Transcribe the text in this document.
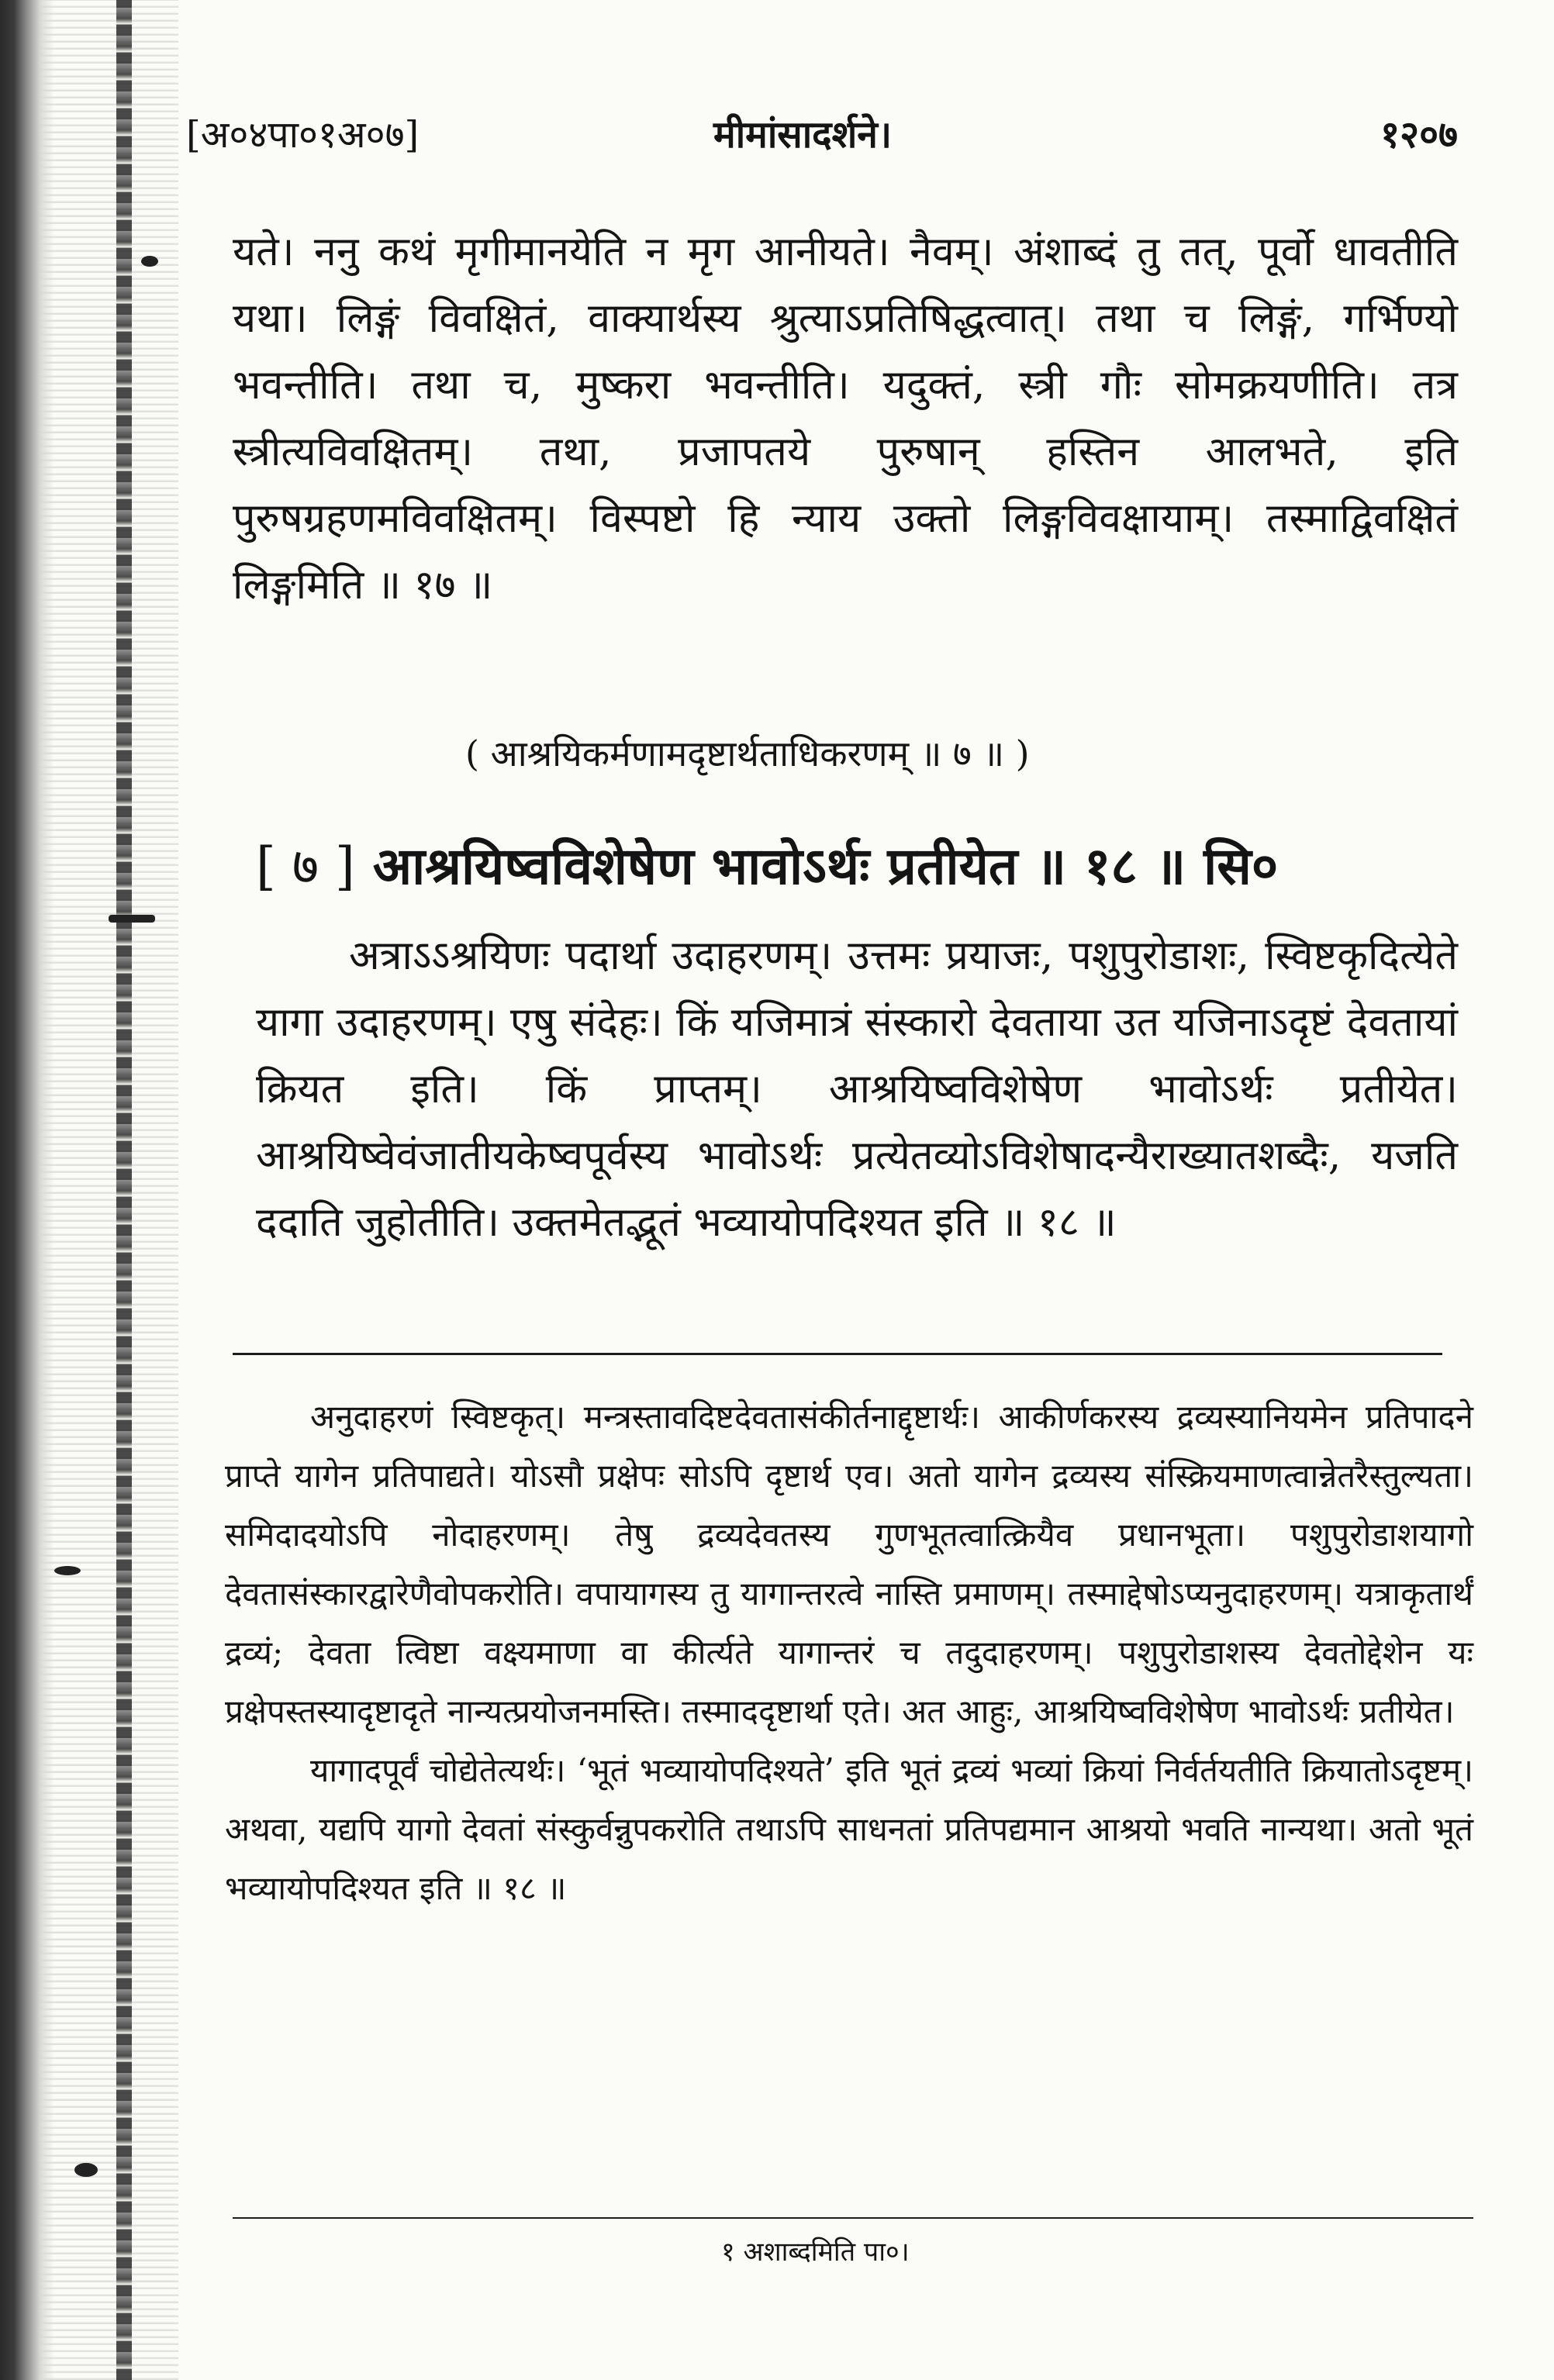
[अ०४पा०१अ०७]	मीमांसादर्शने।	१२०७

यते। ननु कथं मृगीमानयेति न मृग आनीयते। नैवम्। अंशाब्दं तु तत्, पूर्वो धावतीति यथा। लिङ्गं विवक्षितं, वाक्यार्थस्य श्रुत्याऽप्रतिषिद्धत्वात्। तथा च लिङ्गं, गर्भिण्यो भवन्तीति। तथा च, मुष्करा भवन्तीति। यदुक्तं, स्त्री गौः सोमक्रयणीति। तत्र स्त्रीत्यविवक्षितम्। तथा, प्रजापतये पुरुषान् हस्तिन आलभते, इति पुरुषग्रहणमविवक्षितम्। विस्पष्टो हि न्याय उक्तो लिङ्गविवक्षायाम्। तस्माद्विवक्षितं लिङ्गमिति ॥ १७ ॥

( आश्रयिकर्मणामदृष्टार्थताधिकरणम् ॥ ७ ॥ )
[ ७ ] आश्रयिष्वविशेषेण भावोऽर्थः प्रतीयेत ॥ १८ ॥ सि०

अत्राऽऽश्रयिणः पदार्था उदाहरणम्। उत्तमः प्रयाजः, पशुपुरोडाशः, स्विष्टकृदित्येते यागा उदाहरणम्। एषु संदेहः। किं यजिमात्रं संस्कारो देवताया उत यजिनाऽदृष्टं देवतायां क्रियत इति। किं प्राप्तम्। आश्रयिष्वविशेषेण भावोऽर्थः प्रतीयेत। आश्रयिष्वेवंजातीयकेष्वपूर्वस्य भावोऽर्थः प्रत्येतव्योऽविशेषादन्यैराख्यातशब्दैः, यजति ददाति जुहोतीति। उक्तमेतद्भूतं भव्यायोपदिश्यत इति ॥ १८ ॥

अनुदाहरणं स्विष्टकृत्। मन्त्रस्तावदिष्टदेवतासंकीर्तनाद्दृष्टार्थः। आकीर्णकरस्य द्रव्यस्यानियमेन प्रतिपादने प्राप्ते यागेन प्रतिपाद्यते। योऽसौ प्रक्षेपः सोऽपि दृष्टार्थ एव। अतो यागेन द्रव्यस्य संस्क्रियमाणत्वान्नेतरैस्तुल्यता। समिदादयोऽपि नोदाहरणम्। तेषु द्रव्यदेवतस्य गुणभूतत्वात्क्रियैव प्रधानभूता। पशुपुरोडाशयागो देवतासंस्कारद्वारेणैवोपकरोति। वपायागस्य तु यागान्तरत्वे नास्ति प्रमाणम्। तस्माद्देषोऽप्यनुदाहरणम्। यत्राकृतार्थं द्रव्यं; देवता त्विष्टा वक्ष्यमाणा वा कीर्त्यते यागान्तरं च तदुदाहरणम्। पशुपुरोडाशस्य देवतोद्देशेन यः प्रक्षेपस्तस्यादृष्टादृते नान्यत्प्रयोजनमस्ति। तस्माददृष्टार्था एते। अत आहुः, आश्रयिष्वविशेषेण भावोऽर्थः प्रतीयेत।

यागादपूर्वं चोद्येतेत्यर्थः। ‘भूतं भव्यायोपदिश्यते’ इति भूतं द्रव्यं भव्यां क्रियां निर्वर्तयतीति क्रियातोऽदृष्टम्। अथवा, यद्यपि यागो देवतां संस्कुर्वन्नुपकरोति तथाऽपि साधनतां प्रतिपद्यमान आश्रयो भवति नान्यथा। अतो भूतं भव्यायोपदिश्यत इति ॥ १८ ॥

१ अशाब्दमिति पा०।
